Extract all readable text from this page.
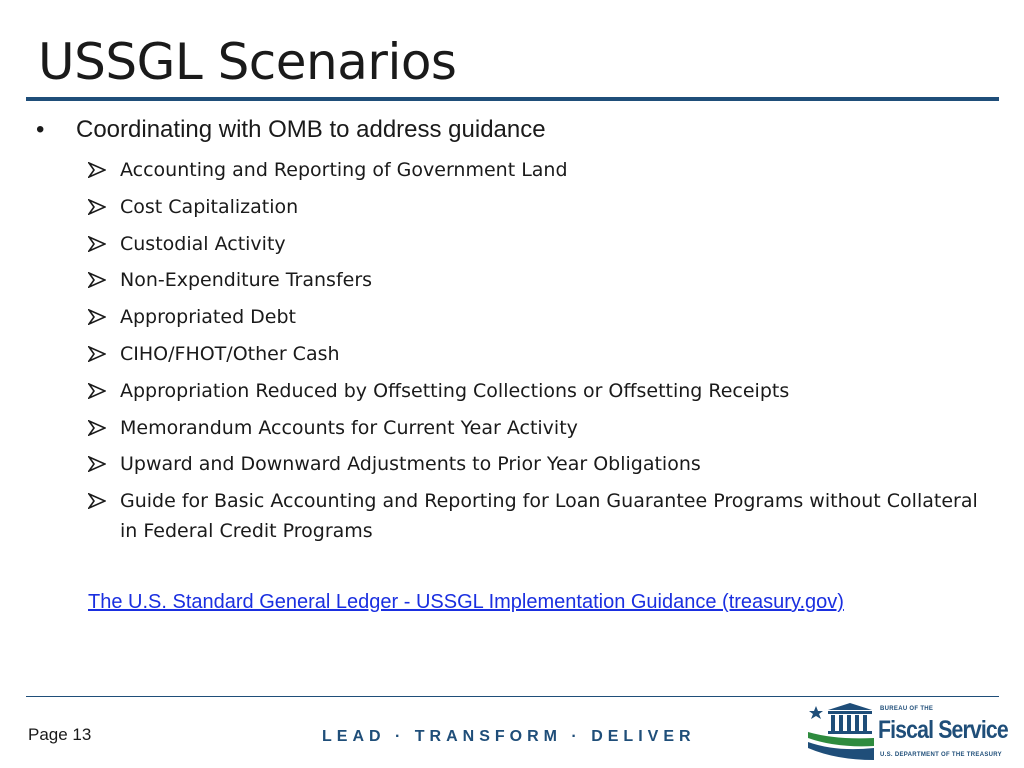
USSGL Scenarios
• Coordinating with OMB to address guidance
Accounting and Reporting of Government Land
Cost Capitalization
Custodial Activity
Non-Expenditure Transfers
Appropriated Debt
CIHO/FHOT/Other Cash
Appropriation Reduced by Offsetting Collections or Offsetting Receipts
Memorandum Accounts for Current Year Activity
Upward and Downward Adjustments to Prior Year Obligations
Guide for Basic Accounting and Reporting for Loan Guarantee Programs without Collateral in Federal Credit Programs
The U.S. Standard General Ledger - USSGL Implementation Guidance (treasury.gov)
Page 13	LEAD · TRANSFORM · DELIVER
BUREAU OF THE
Fiscal Service
U.S. DEPARTMENT OF THE TREASURY
